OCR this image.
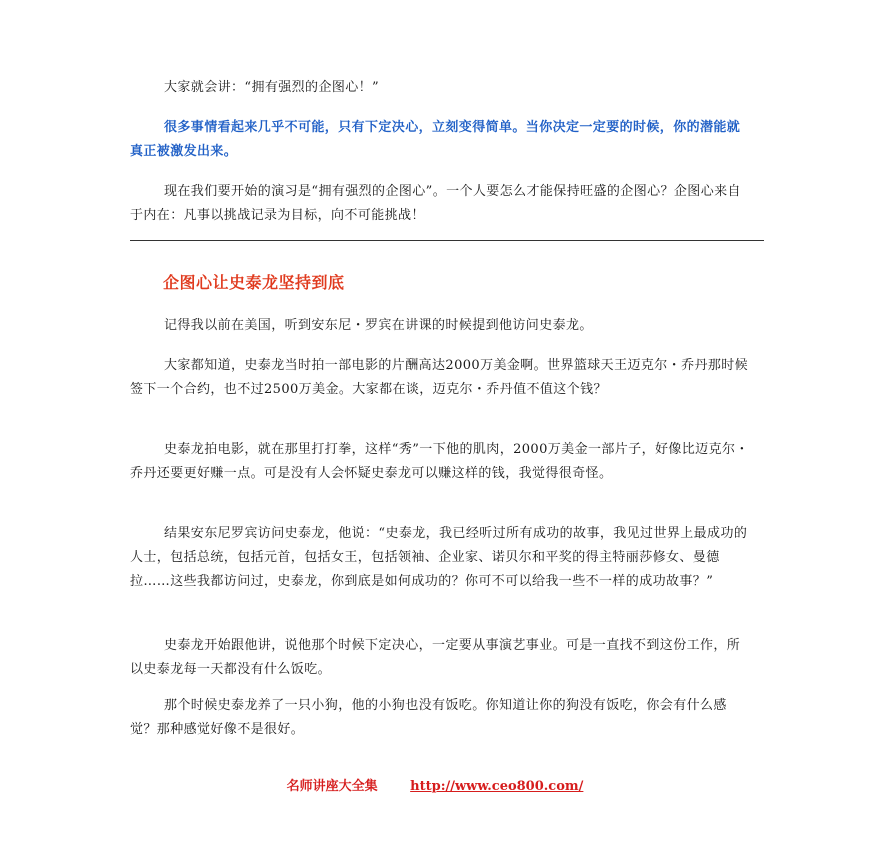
大家就会讲：“拥有强烈的企图心！”

很多事情看起来几乎不可能，只有下定决心，立刻变得简单。当你决定一定要的时候，你的潜能就真正被激发出来。

现在我们要开始的演习是“拥有强烈的企图心”。一个人要怎么才能保持旺盛的企图心？企图心来自于内在：凡事以挑战记录为目标，向不可能挑战！

企图心让史泰龙坚持到底

记得我以前在美国，听到安东尼・罗宾在讲课的时候提到他访问史泰龙。

大家都知道，史泰龙当时拍一部电影的片酬高达2000万美金啊。世界篮球天王迈克尔・乔丹那时候签下一个合约，也不过2500万美金。大家都在谈，迈克尔・乔丹值不值这个钱？

史泰龙拍电影，就在那里打打拳，这样“秀”一下他的肌肉，2000万美金一部片子，好像比迈克尔・乔丹还要更好赚一点。可是没有人会怀疑史泰龙可以赚这样的钱，我觉得很奇怪。

结果安东尼罗宾访问史泰龙，他说：“史泰龙，我已经听过所有成功的故事，我见过世界上最成功的人士，包括总统，包括元首，包括女王，包括领袖、企业家、诺贝尔和平奖的得主特丽莎修女、曼德拉……这些我都访问过，史泰龙，你到底是如何成功的？你可不可以给我一些不一样的成功故事？”

史泰龙开始跟他讲，说他那个时候下定决心，一定要从事演艺事业。可是一直找不到这份工作，所以史泰龙每一天都没有什么饭吃。

那个时候史泰龙养了一只小狗，他的小狗也没有饭吃。你知道让你的狗没有饭吃，你会有什么感觉？那种感觉好像不是很好。

名师讲座大全集	http://www.ceo800.com/
